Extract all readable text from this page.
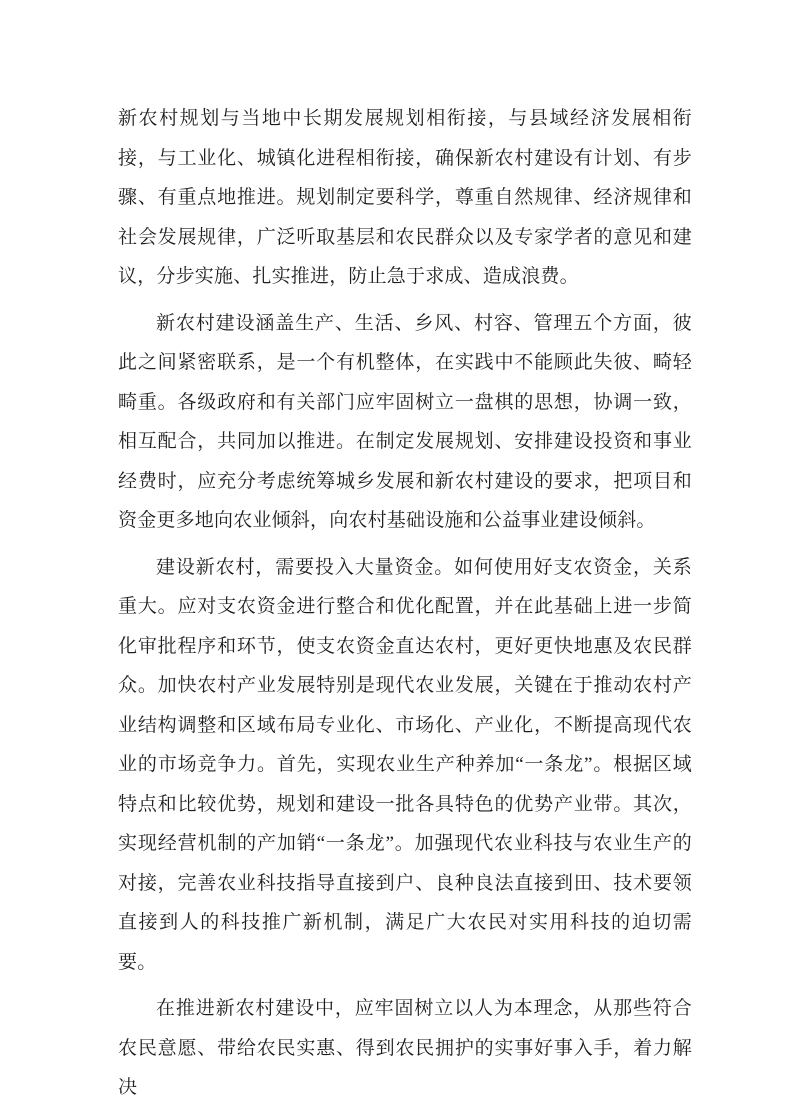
新农村规划与当地中长期发展规划相衔接，与县域经济发展相衔接，与工业化、城镇化进程相衔接，确保新农村建设有计划、有步骤、有重点地推进。规划制定要科学，尊重自然规律、经济规律和社会发展规律，广泛听取基层和农民群众以及专家学者的意见和建议，分步实施、扎实推进，防止急于求成、造成浪费。

新农村建设涵盖生产、生活、乡风、村容、管理五个方面，彼此之间紧密联系，是一个有机整体，在实践中不能顾此失彼、畸轻畸重。各级政府和有关部门应牢固树立一盘棋的思想，协调一致，相互配合，共同加以推进。在制定发展规划、安排建设投资和事业经费时，应充分考虑统筹城乡发展和新农村建设的要求，把项目和资金更多地向农业倾斜，向农村基础设施和公益事业建设倾斜。

建设新农村，需要投入大量资金。如何使用好支农资金，关系重大。应对支农资金进行整合和优化配置，并在此基础上进一步简化审批程序和环节，使支农资金直达农村，更好更快地惠及农民群众。加快农村产业发展特别是现代农业发展，关键在于推动农村产业结构调整和区域布局专业化、市场化、产业化，不断提高现代农业的市场竞争力。首先，实现农业生产种养加“一条龙”。根据区域特点和比较优势，规划和建设一批各具特色的优势产业带。其次，实现经营机制的产加销“一条龙”。加强现代农业科技与农业生产的对接，完善农业科技指导直接到户、良种良法直接到田、技术要领直接到人的科技推广新机制，满足广大农民对实用科技的迫切需要。

在推进新农村建设中，应牢固树立以人为本理念，从那些符合农民意愿、带给农民实惠、得到农民拥护的实事好事入手，着力解决
